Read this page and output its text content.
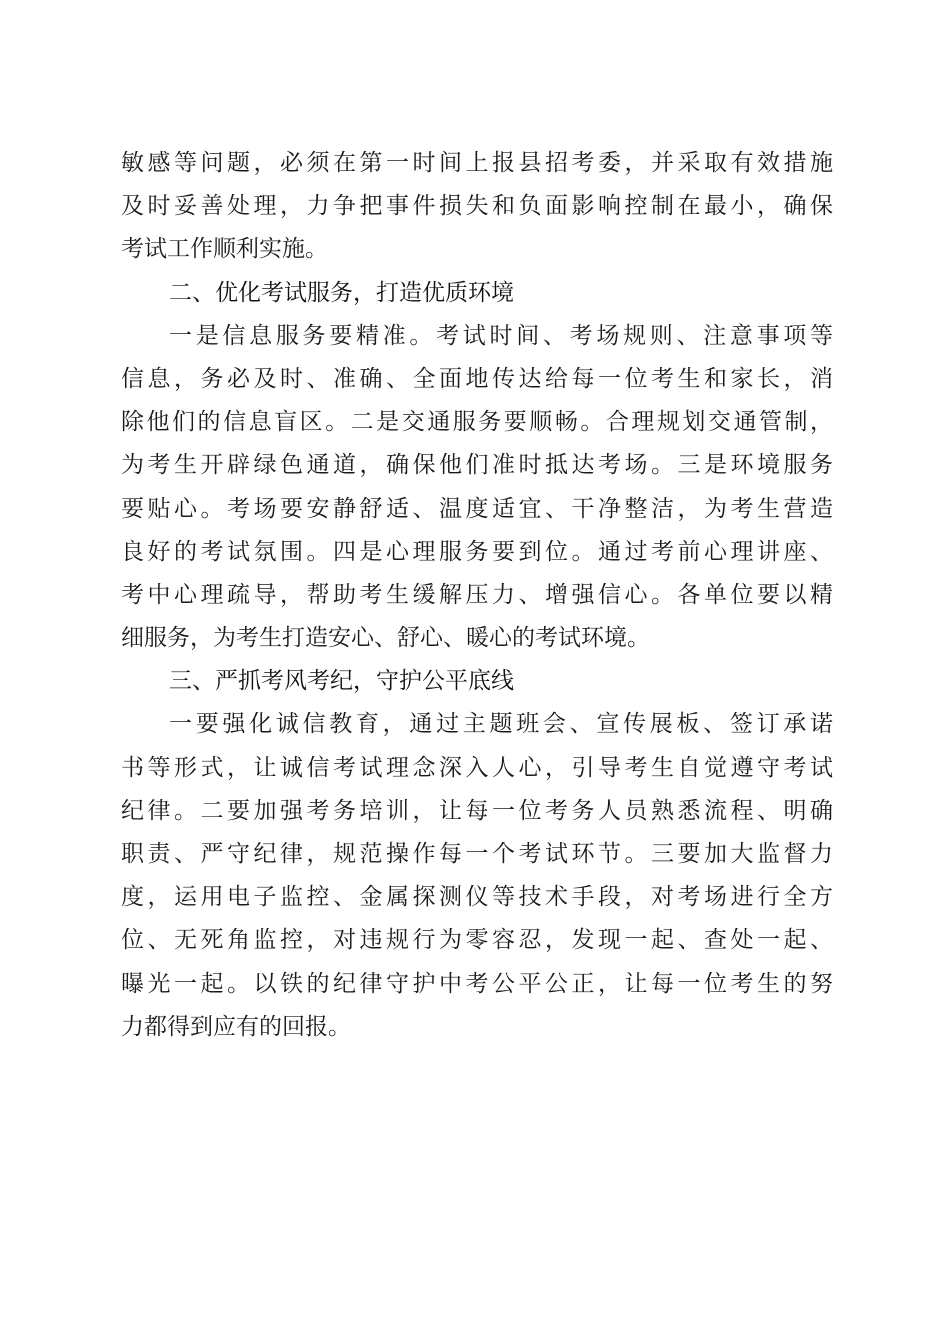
敏感等问题，必须在第一时间上报县招考委，并采取有效措施
及时妥善处理，力争把事件损失和负面影响控制在最小，确保
考试工作顺利实施。
二、优化考试服务，打造优质环境
一是信息服务要精准。考试时间、考场规则、注意事项等
信息，务必及时、准确、全面地传达给每一位考生和家长，消
除他们的信息盲区。二是交通服务要顺畅。合理规划交通管制，
为考生开辟绿色通道，确保他们准时抵达考场。三是环境服务
要贴心。考场要安静舒适、温度适宜、干净整洁，为考生营造
良好的考试氛围。四是心理服务要到位。通过考前心理讲座、
考中心理疏导，帮助考生缓解压力、增强信心。各单位要以精
细服务，为考生打造安心、舒心、暖心的考试环境。
三、严抓考风考纪，守护公平底线
一要强化诚信教育，通过主题班会、宣传展板、签订承诺
书等形式，让诚信考试理念深入人心，引导考生自觉遵守考试
纪律。二要加强考务培训，让每一位考务人员熟悉流程、明确
职责、严守纪律，规范操作每一个考试环节。三要加大监督力
度，运用电子监控、金属探测仪等技术手段，对考场进行全方
位、无死角监控，对违规行为零容忍，发现一起、查处一起、
曝光一起。以铁的纪律守护中考公平公正，让每一位考生的努
力都得到应有的回报。
